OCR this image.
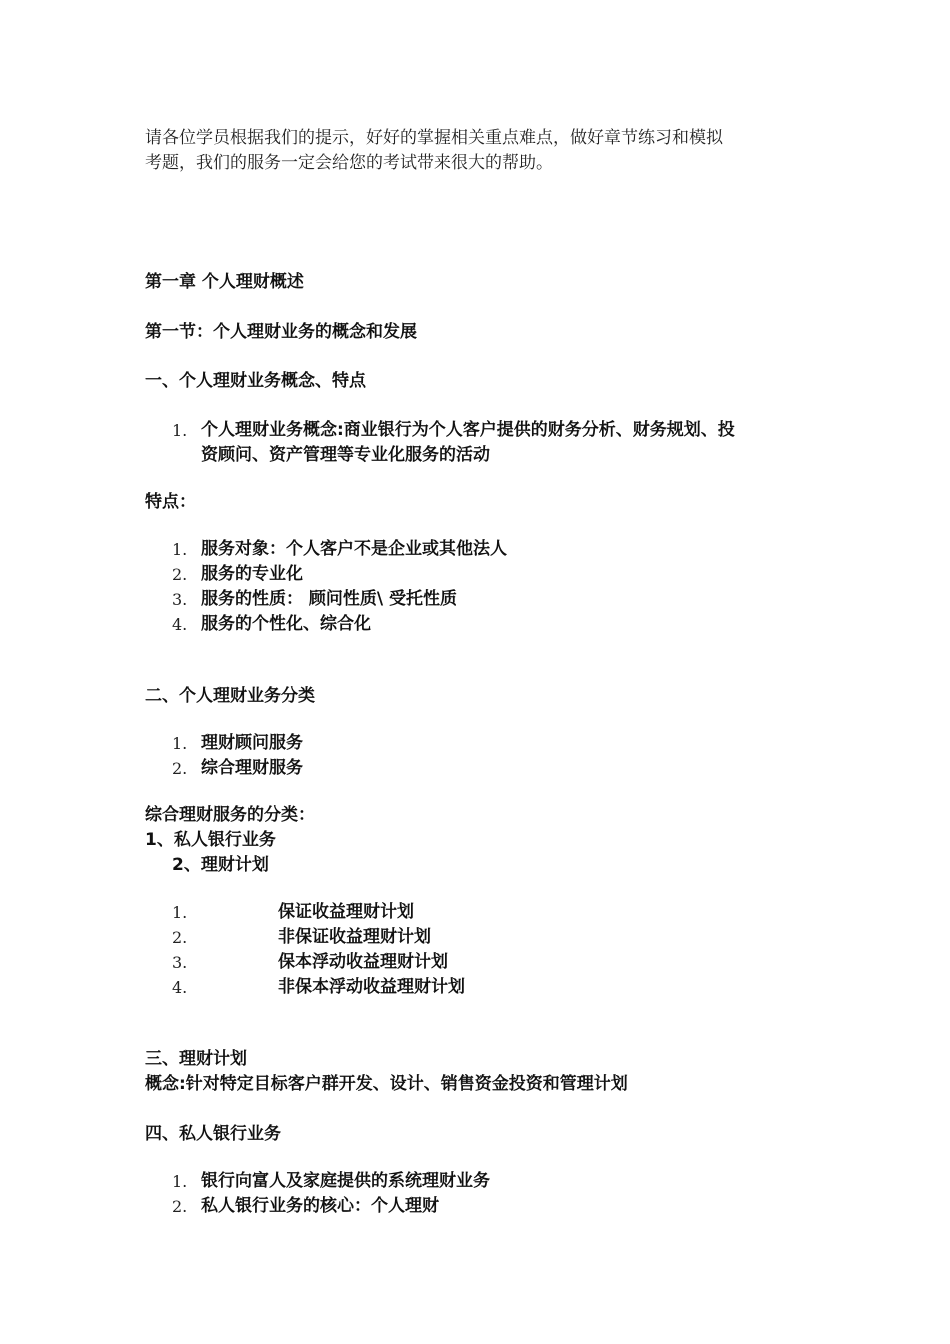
请各位学员根据我们的提示，好好的掌握相关重点难点，做好章节练习和模拟
考题，我们的服务一定会给您的考试带来很大的帮助。
第一章 个人理财概述
第一节：个人理财业务的概念和发展
一、个人理财业务概念、特点
1. 个人理财业务概念:商业银行为个人客户提供的财务分析、财务规划、投
资顾问、资产管理等专业化服务的活动
特点：
1. 服务对象：个人客户不是企业或其他法人
2. 服务的专业化
3. 服务的性质： 顾问性质\ 受托性质
4. 服务的个性化、综合化
二、个人理财业务分类
1. 理财顾问服务
2. 综合理财服务
综合理财服务的分类：
1、私人银行业务
2、理财计划
1.	保证收益理财计划
2.	非保证收益理财计划
3.	保本浮动收益理财计划
4.	非保本浮动收益理财计划
三、理财计划
概念:针对特定目标客户群开发、设计、销售资金投资和管理计划
四、私人银行业务
1. 银行向富人及家庭提供的系统理财业务
2. 私人银行业务的核心：个人理财
